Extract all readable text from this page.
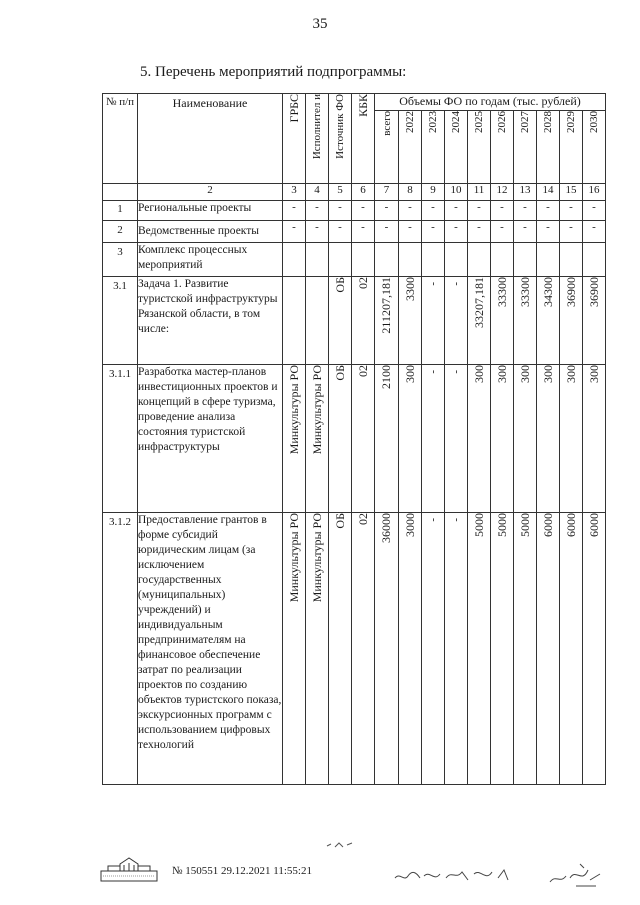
35
5. Перечень мероприятий подпрограммы:
№ п/п	Наименование	ГРБС	Исполнител и	Источник ФО	КБК	Объемы ФО по годам (тыс. рублей)									
						всего	2022	2023	2024	2025	2026	2027	2028	2029	2030
	2	3	4	5	6	7	8	9	10	11	12	13	14	15	16
1	Региональные проекты	-	-	-	-	-	-	-	-	-	-	-	-	-	-
2	Ведомственные проекты	-	-	-	-	-	-	-	-	-	-	-	-	-	-
3	Комплекс процессных мероприятий														
3.1	Задача 1. Развитие туристской инфраструктуры Рязанской области, в том числе:			ОБ	02	211207,181	3300	-	-	33207,181	33300	33300	34300	36900	36900
3.1.1	Разработка мастер-планов инвестиционных проектов и концепций в сфере туризма, проведение анализа состояния туристской инфраструктуры	Минкультуры РО	Минкультуры РО	ОБ	02	2100	300	-	-	300	300	300	300	300	300
3.1.2	Предоставление грантов в форме субсидий юридическим лицам (за исключением государственных (муниципальных) учреждений) и индивидуальным предпринимателям на финансовое обеспечение затрат по реализации проектов по созданию объектов туристского показа, экскурсионных программ с использованием цифровых технологий	Минкультуры РО	Минкультуры РО	ОБ	02	36000	3000	-	-	5000	5000	5000	6000	6000	6000
№ 150551 29.12.2021 11:55:21
